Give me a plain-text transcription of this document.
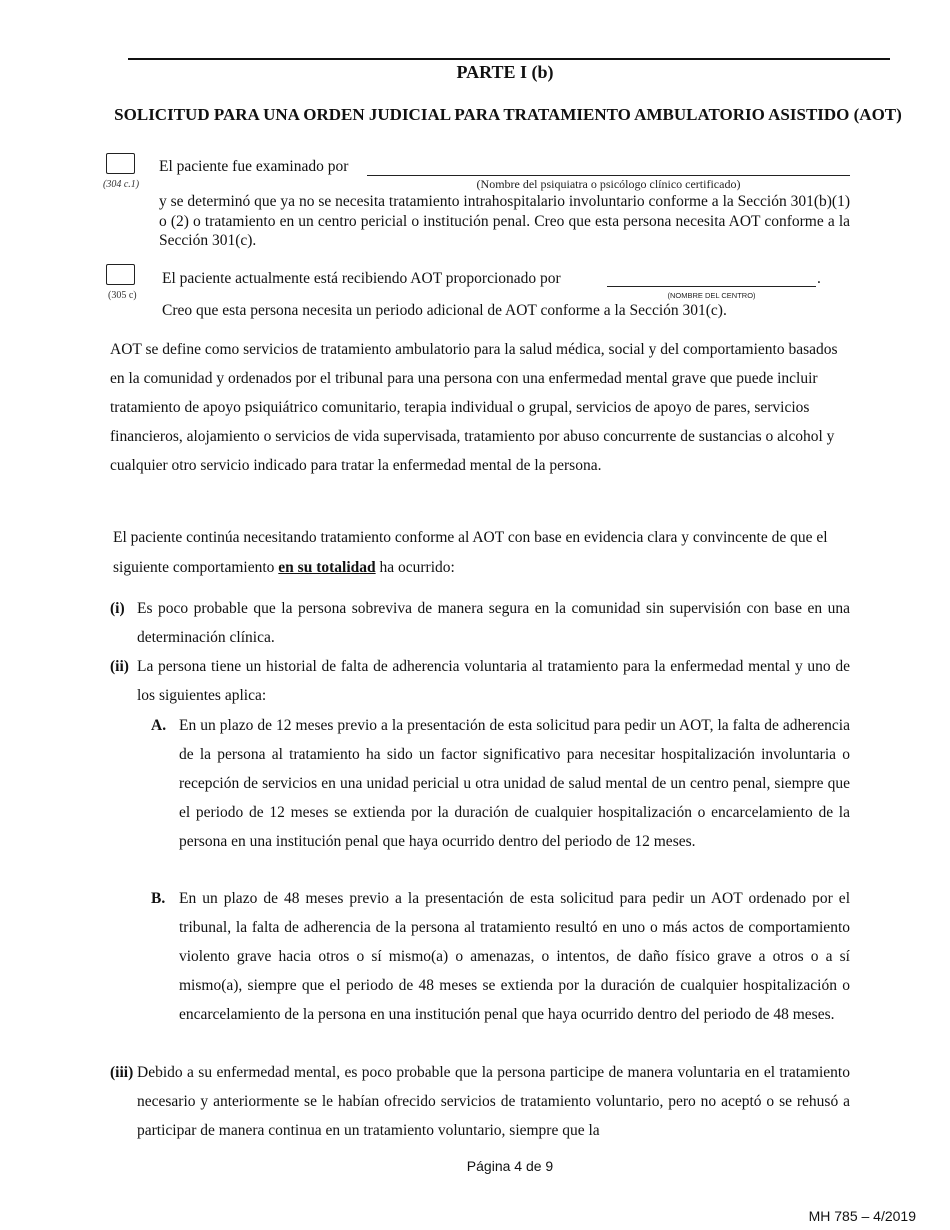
PARTE I (b)
SOLICITUD PARA UNA ORDEN JUDICIAL PARA TRATAMIENTO AMBULATORIO ASISTIDO (AOT)
(304 c.1)
El paciente fue examinado por
(Nombre del psiquiatra o psicólogo clínico certificado)
y se determinó que ya no se necesita tratamiento intrahospitalario involuntario conforme a la Sección 301(b)(1) o (2) o tratamiento en un centro pericial o institución penal. Creo que esta persona necesita AOT conforme a la Sección 301(c).
(305 c)
El paciente actualmente está recibiendo AOT proporcionado por	.
(NOMBRE DEL CENTRO)
Creo que esta persona necesita un periodo adicional de AOT conforme a la Sección 301(c).
AOT se define como servicios de tratamiento ambulatorio para la salud médica, social y del comportamiento basados en la comunidad y ordenados por el tribunal para una persona con una enfermedad mental grave que puede incluir tratamiento de apoyo psiquiátrico comunitario, terapia individual o grupal, servicios de apoyo de pares, servicios financieros, alojamiento o servicios de vida supervisada, tratamiento por abuso concurrente de sustancias o alcohol y cualquier otro servicio indicado para tratar la enfermedad mental de la persona.
El paciente continúa necesitando tratamiento conforme al AOT con base en evidencia clara y convincente de que el siguiente comportamiento en su totalidad ha ocurrido:
(i) Es poco probable que la persona sobreviva de manera segura en la comunidad sin supervisión con base en una determinación clínica.
(ii) La persona tiene un historial de falta de adherencia voluntaria al tratamiento para la enfermedad mental y uno de los siguientes aplica:
A. En un plazo de 12 meses previo a la presentación de esta solicitud para pedir un AOT, la falta de adherencia de la persona al tratamiento ha sido un factor significativo para necesitar hospitalización involuntaria o recepción de servicios en una unidad pericial u otra unidad de salud mental de un centro penal, siempre que el periodo de 12 meses se extienda por la duración de cualquier hospitalización o encarcelamiento de la persona en una institución penal que haya ocurrido dentro del periodo de 12 meses.
B. En un plazo de 48 meses previo a la presentación de esta solicitud para pedir un AOT ordenado por el tribunal, la falta de adherencia de la persona al tratamiento resultó en uno o más actos de comportamiento violento grave hacia otros o sí mismo(a) o amenazas, o intentos, de daño físico grave a otros o a sí mismo(a), siempre que el periodo de 48 meses se extienda por la duración de cualquier hospitalización o encarcelamiento de la persona en una institución penal que haya ocurrido dentro del periodo de 48 meses.
(iii) Debido a su enfermedad mental, es poco probable que la persona participe de manera voluntaria en el tratamiento necesario y anteriormente se le habían ofrecido servicios de tratamiento voluntario, pero no aceptó o se rehusó a participar de manera continua en un tratamiento voluntario, siempre que la
Página 4 de 9
MH 785 – 4/2019
